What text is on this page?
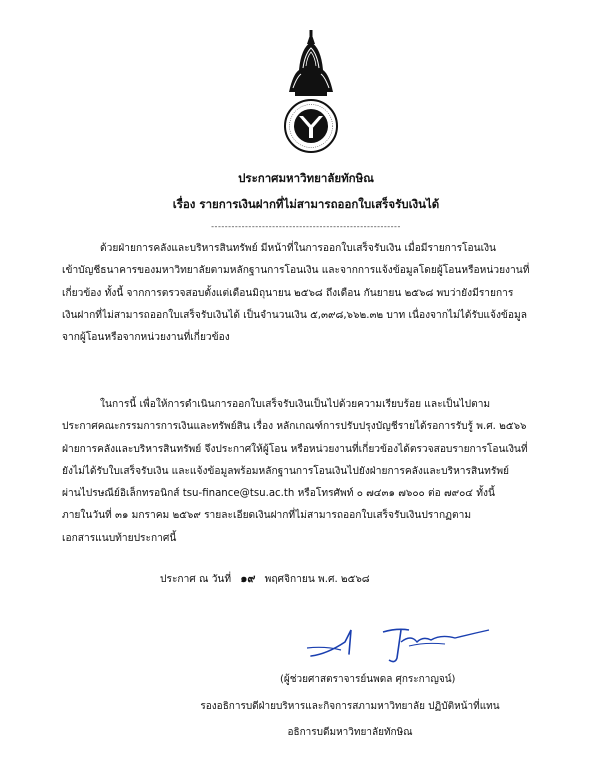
ประกาศมหาวิทยาลัยทักษิณ
เรื่อง รายการเงินฝากที่ไม่สามารถออกใบเสร็จรับเงินได้
--------------------------------------------------------

ด้วยฝ่ายการคลังและบริหารสินทรัพย์ มีหน้าที่ในการออกใบเสร็จรับเงิน เมื่อมีรายการโอนเงิน

เข้าบัญชีธนาคารของมหาวิทยาลัยตามหลักฐานการโอนเงิน และจากการแจ้งข้อมูลโดยผู้โอนหรือหน่วยงานที่

เกี่ยวข้อง ทั้งนี้ จากการตรวจสอบตั้งแต่เดือนมิถุนายน ๒๕๖๘ ถึงเดือน กันยายน ๒๕๖๘ พบว่ายังมีรายการ

เงินฝากที่ไม่สามารถออกใบเสร็จรับเงินได้ เป็นจำนวนเงิน ๕,๓๙๘,๖๖๒.๓๒ บาท เนื่องจากไม่ได้รับแจ้งข้อมูล

จากผู้โอนหรือจากหน่วยงานที่เกี่ยวข้อง

ในการนี้ เพื่อให้การดำเนินการออกใบเสร็จรับเงินเป็นไปด้วยความเรียบร้อย และเป็นไปตาม

ประกาศคณะกรรมการการเงินและทรัพย์สิน เรื่อง หลักเกณฑ์การปรับปรุงบัญชีรายได้รอการรับรู้ พ.ศ. ๒๕๖๖

ฝ่ายการคลังและบริหารสินทรัพย์ จึงประกาศให้ผู้โอน หรือหน่วยงานที่เกี่ยวข้องได้ตรวจสอบรายการโอนเงินที่

ยังไม่ได้รับใบเสร็จรับเงิน และแจ้งข้อมูลพร้อมหลักฐานการโอนเงินไปยังฝ่ายการคลังและบริหารสินทรัพย์

ผ่านไปรษณีย์อิเล็กทรอนิกส์ tsu-finance@tsu.ac.th หรือโทรศัพท์ ๐ ๗๔๓๑ ๗๖๐๐ ต่อ ๗๙๐๔ ทั้งนี้

ภายในวันที่ ๓๑ มกราคม ๒๕๖๙ รายละเอียดเงินฝากที่ไม่สามารถออกใบเสร็จรับเงินปรากฏตาม

เอกสารแนบท้ายประกาศนี้

ประกาศ ณ วันที่ ๑๙ พฤศจิกายน พ.ศ. ๒๕๖๘
(ผู้ช่วยศาสตราจารย์นพดล ศุกระกาญจน์)
รองอธิการบดีฝ่ายบริหารและกิจการสภามหาวิทยาลัย ปฏิบัติหน้าที่แทน
อธิการบดีมหาวิทยาลัยทักษิณ
